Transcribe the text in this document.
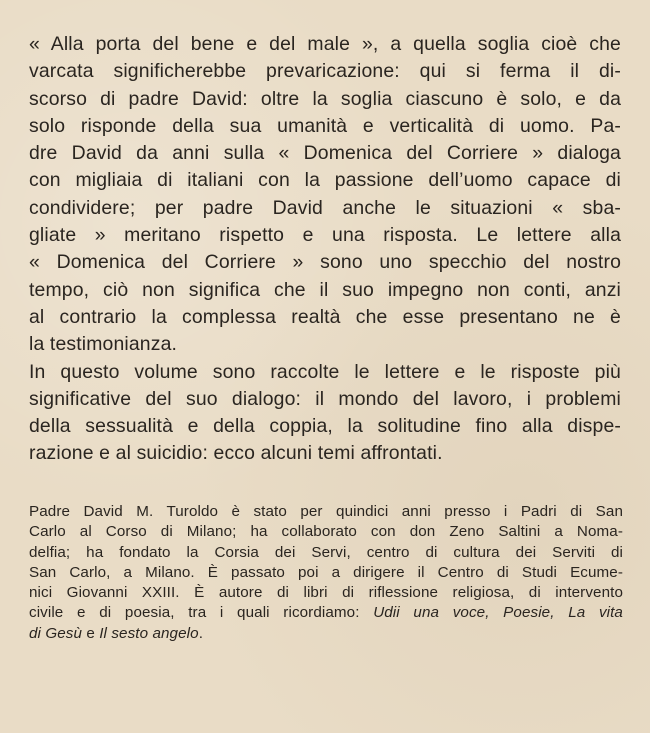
« Alla porta del bene e del male », a quella soglia cioè che
varcata significherebbe prevaricazione: qui si ferma il di-
scorso di padre David: oltre la soglia ciascuno è solo, e da
solo risponde della sua umanità e verticalità di uomo. Pa-
dre David da anni sulla « Domenica del Corriere » dialoga
con migliaia di italiani con la passione dell’uomo capace di
condividere; per padre David anche le situazioni « sba-
gliate » meritano rispetto e una risposta. Le lettere alla
« Domenica del Corriere » sono uno specchio del nostro
tempo, ciò non significa che il suo impegno non conti, anzi
al contrario la complessa realtà che esse presentano ne è
la testimonianza.
In questo volume sono raccolte le lettere e le risposte più
significative del suo dialogo: il mondo del lavoro, i problemi
della sessualità e della coppia, la solitudine fino alla dispe-
razione e al suicidio: ecco alcuni temi affrontati.
Padre David M. Turoldo è stato per quindici anni presso i Padri di San
Carlo al Corso di Milano; ha collaborato con don Zeno Saltini a Noma-
delfia; ha fondato la Corsia dei Servi, centro di cultura dei Serviti di
San Carlo, a Milano. È passato poi a dirigere il Centro di Studi Ecume-
nici Giovanni XXIII. È autore di libri di riflessione religiosa, di intervento
civile e di poesia, tra i quali ricordiamo: Udii una voce, Poesie, La vita
di Gesù e Il sesto angelo.
